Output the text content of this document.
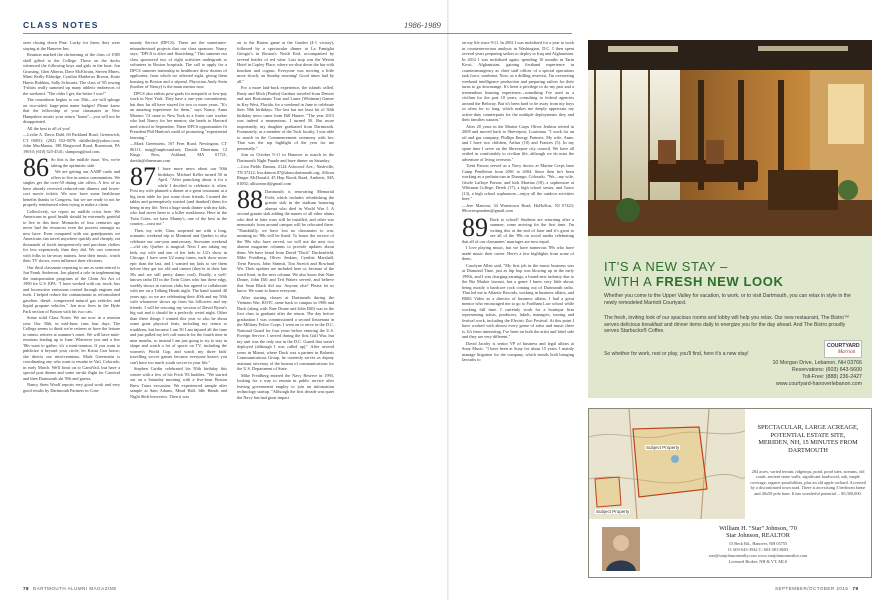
CLASS NOTES	1986-1989

seen closing down Pine. Lucky for them, they were staying at the Hanover Inn.

Reunion marked the christening of the class of 1985 shell gifted to the College. Those on the docks witnessed the following boys and girls in the boat: Jon Grussing, Glen Alberta, Dave McElwain, Steven Mines, Mimi Reilly Eldridge, Cynthia Matthews Brown, Katie Harris Robbins, Sally Schwartz. The class of '85 rowing T-shirts really summed up many athletic endeavors of the weekend: "The older I get, the better I was!"

The countdown begins to our 35th—we will splurge on two-sided, large-print name badges! Please know that the fellowship of your classmates in New Hampshire awaits your return "home"—you will not be disappointed.

All the best to all of you!

—Leslie A. Davis Dahl, 60 Parkland Road, Greenwich, CT 06831; (202) 552-0070; dahlleslie@yahoo.com; John MacManus, 188 Ringwood Road, Rosemont, PA 19010; (610) 525-4541; slampong@aol.com.

86 So this is the midlife issue. Yes, we're taking the optimistic side.

We are getting our AARP cards and offers to live in senior communities. We singles get the over-50 dating site offers. A few of us have already received reduced-rate dinners and lower-cost movie tickets. We now have some healthcare benefits thanks to Congress, but we are ready to not be properly reimbursed when trying to make a claim.

Collectively, we report no midlife crisis here. We Americans in good health should be extremely grateful to live in this time. Monarchs of four centuries ago never had the resources even the poorest amongst us now have. Even compared with our grandparents we Americans can travel anywhere quickly and cheaply, eat thousands of foods inexpensively and purchase clothes for less expensively than they did. We can converse with folks in far-away nations, hear their music, watch their TV shows, even influence their elections.

Our third classmate reporting to me as semi-retired is Jon Frank Anderson. Jon played a role in implementing the transportation programs of the Clean Air Act of 1990 for U.S. EPA. "I have worked with car, truck, bus and locomotive emissions control through engines and fuels. I helped reduce the contaminants in reformulated gasoline, diesel, compressed natural gas vehicles and liquid propane vehicles." Jon now lives in the Hyde Park section of Boston with his two cats.

Some solid Class Notes: We are now in a reunion year. Our 30th, in mid-June, runs four days. The College seems to think we're retirees or have the leisure to mimic retirees at summer's onset. We will have mini-reunions leading up to June. Wherever you and a few '86s want to gather, it's a mini-reunion. If you want to publicize it beyond your circle, let Krista Carr know; she directs our mini-reunions. Mark Greenstein is coordinating any who want to reunite in Vail, Colorado, in early March. We'll limit on to CarniVail, but have a special post dinner and some on-ski flight for Carnival and then Dartmouth ski '88s and guests.

Nancy Stein Woolf reports very good work and very good results by Dartmouth Partners in Com-

munity Service (DPCS). These are the sometimes-misunderstood projects that our class sponsors. Nancy says, "DPCS is alive and flourishing." This summer our class sponsored two of eight activities undergrads to volunteer in Boston hospitals. The call to apply for a DPCS summer internship in healthcare drew dozens of applicants, from which we selected eight, giving them housing in Boston and a stipend. Physician Andy Stein (brother of Nancy) is the main mentor now.

DPCS also enlists post-grads for nonprofit or low-pay work in New York. They have a one-year commitment, but thus far all have stayed for two or more years. "It's an amazing experience for them," says Nancy. Anna Moreno '13 came to New York as a foster care worker who had Nancy for her mentor; she heads to Harvard med school in September. These DPCS opportunities fit President Phil Hanlon's mold of promoting "experiential learning."

—Mark Greenstein, 107 Fern Road, Newington, CT 06111; meg@tmpbound.net; Davida Dinerman, 12 Kings Row, Ashland, MA 01721; davida@dinerman.com

87 I have more news about our 50th birthdays. Michael Keller turned 50 in April. "After panicking about it for a while I decided to celebrate it, often. First my wife planned a dinner at a great restaurant at a big farm table for just some close friends. I turned the tables and preemptively toasted (and thanked) them for being in my life. Next a huge steak dinner with my kids, who had never been to a killer steakhouse. Here in the Twin Cities, we have Manny's, one of the best in the country—trust me."

Then, my wife, Gina, surprised me with a long, romantic weekend trip to Montreal and Quebec to also celebrate our one-year anniversary. Awesome weekend—old city Quebec is magical. Next I am taking my kids, my wife and one of her kids to U2's show in Chicago. I have seen U2 many times, each show more epic than the last, and I wanted my kids to see them before they get too old and cannot (they're in their late 50s and are still pretty damn cool). Finally, a well-known radio DJ in the Twin Cities who has these edgy, weekly shows in various clubs has agreed to collaborate with me on a Talking Heads night. The band started 40 years ago, so we are celebrating their 40th and my 50th with whomever shows up from his followers and my friends. I will be rescuing my version of David Byrne's big suit and it should be a perfectly weird night. Other than these things I wanted this year to also be about some great physical feats, including my return to triathlons, but because I am 50 I am injured all the time and just pulled my left calf muscle for the fourth time in nine months, so instead I am just going to try to stay in shape and watch a lot of sports on TV, including the women's World Cup, and watch my three kids' travelling soccer games because everyone knows you can't have too much youth soccer in your life."

Stephen Cardin celebrated his 50th birthday this winter with a few of his Frick '83 buddies. "We started out on a Saturday morning with a five-hour Boston Brew Tours excursion. We experienced sample after sample at Sam Adams, Mead Hall, Idle Hands and Night Shift breweries. Then it was

on to the Bruins game at the Garden (4-1 victory), followed by a spectacular dinner at La Famiglia Giorgio's in Boston's North End, accompanied by several bottles of red wine. Last stop was the Westin Hotel in Copley Place, where we shut down the bar with bourbon and cognac. Everyone was moving a little more slowly on Sunday morning! Good times had by all."

For a more laid-back experience, the islands called. Rusty and Mich (Poulin) Gardner traveled from Denver and met Bostonians Tom and Laura (Whitman) Gamer in Key West, Florida, for a weekend in June to celebrate their 50th birthdays. The last but not least bit of 50th birthday news came from Bill Hunter. "The year 2015 was indeed a momentous. I turned 50. But more importantly, my daughter graduated from Dartmouth. Fortunately, as a member of the Tuck faculty, I was able to march in the Commencement ceremony with her. That was the top highlight of the year for me personally."

Join us October 9-11 in Hanover to march in the Dartmouth Night Parade and have dinner on Saturday.

—Lisa Fields Damon, 2124 Ashwood Ave., Nashville, TN 37212; lisa.damon.87@alum.dartmouth.org; Allison Ringer McDonald, 45 Hop Brook Road, Amherst, MA 01002; allisonmcd@gmail.com

88 Dartmouth is renovating Memorial Field, which includes refurbishing the granite slab in the stadium honoring alumni who died in World War I. A second granite slab adding the names of all other alums who died in later wars will be installed, and other war memorials from around campus will be relocated there. "Thankfully, we have lost no classmates to war, meaning no '88s will be listed. To honor the service of the '88s who have served, we will use the next two alumni magazine columns to provide updates about them. We have heard from David "Duck" Duckenfield, Mike Freidberg, Oliver Jenkins, Cynthia Marshall, Trent Parson, John Simmit, Tim Stretch and Rowland Wu. Their updates are included here or, because of the word limit, in the next column. We also know that Nate Deane, John Dill and Ted Waters served, and believe that Sean Black did too. Anyone else? Please let us know. We want to honor everyone.

After starting classes at Dartmouth during the Vietnam War, ROTC came back to campus in 1986 and Duck (along with Nate Deane and John Dill) was in the first class to graduate after the return. The day before graduation I was commissioned a second lieutenant in the Military Police Corps. I went on to serve in the D.C. National Guard for four years before entering the U.S. Foreign Service. I served during the first Gulf War, but my unit was the only one in the D.C. Guard that wasn't deployed (although I was called up)." After several years in Miami, where Duck was a partner in Balaeris Communications Group, he currently serves as deputy assistant secretary of the bureau of communications for the U.S. Department of State.

Mike Freidberg entered the Navy Reserve in 1993, looking for a way to remain in public service after leaving government employ to join an information technology startup. "Although the first decade was quiet the Navy has had great impact

on my life since 9/11. In 2002 I was mobilized for a year to work in counterterrorism analysis in Washington, D.C. I then spent several years preparing sailors to deploy to Iraq and Afghanistan. In 2012 I was mobilized again, spending 10 months in Tarin Kowt, Afghanistan, gaining firsthand experience in counterinsurgency as chief staff officer of a special operations task force, southeast. Now, as a drilling reservist, I'm overseeing weekend intelligence production and preparing sailors for their turns to go downrange. It's been a privilege to do my part and a tremendous learning experience—something I've used as a civilian for the past 10 years, consulting to federal agencies around the Beltway. But it's been hard to be away from my boys so often for so long, which makes me deeply appreciate my active-duty counterparts for the multiple deployments they and their families sustain."

After 20 years in the Marine Corps Oliver Jenkins retired in 2008 and moved back to Shreveport, Louisiana. "I work for an oil and gas company, Phillips Energy Partners. My wife, Anne, and I have two children, Arthur (10) and Frances (5). In my spare time I serve on the Shreveport city council. We have all settled in comfortably to civilian life, although we do miss the adventure of living overseas."

Trent Parson served as a Navy doctor at Marine Corps base Camp Pendleton from 2001 to 2004. Since then he's been working as a pediatrician in Durango, Colorado. "We—my wife, Gisele Laffaye Parson, and kids Martina (18), a sophomore at Whitman College, Derek (17), a high school senior, and Grace (13), a high school sophomore—enjoy all the outdoor activities here."

—Jere Mancini, 34 Watertown Road, HoHoKus, NJ 07423; 88correspondent@gmail.com

89 Back to school! Students are returning after a summer, some arriving for the first time. I'm writing this at the end of June and it's great to see all of the '89s on social media celebrating that all of our classmates' marriages are now equal.

I love playing music, but we have numerous '89s who have made music their career. Here's a few highlights from some of them.

Carolyne Allen said, "My first job in the music business was at Diamond Time, just as hip hop was blowing up in the early 1990s, and I was charging earnings, a brand-new industry due to the Biz Markie lawsuit, but a genre I knew very little about, being mostly a hardcore rock coming out of Dartmouth radio. That led me to Atlantic Records, working in business affairs, and BMG Video as a director of business affairs. I had a great mentor who encouraged me to go to Fordham Law school while working full time. I currently work for a boutique firm representing artists, producers, labels, managers, touring and festival work, including the Electric Zoo Festival. At this point I have worked with almost every genre of artist and music there is. It's been interesting. I've been on both the artist and label side and they are very different."

David Jacoby is senior VP of business and legal affairs at Sony Music. "I have been at Sony for about 15 years. I mainly manage litigation for the company, which entails both bringing lawsuits to

78 DARTMOUTH ALUMNI MAGAZINE	SEPTEMBER/OCTOBER 2015 79
IT'S A NEW STAY –
WITH A FRESH NEW LOOK
Whether you come to the Upper Valley for vacation, to work, or to visit Dartmouth, you can relax in style in the newly remodeled Marriott Courtyard.
The fresh, inviting look of our spacious rooms and lobby will help you relax. Our new restaurant, The Bistro™ serves delicious breakfast and dinner items daily to energize you for the day ahead. And The Bistro proudly serves Starbucks® Coffee.
So whether for work, rest or play, you'll find, here it's a new stay!
COURTYARD
Marriott
10 Morgan Drive, Lebanon, NH 03766
Reservations: (603) 643-5600
Toll-Free: (888) 236-2427
www.courtyard-hanoverlebanon.com
Subject Property
Subject Property
SPECTACULAR, LARGE ACREAGE,
POTENTIAL ESTATE SITE,
MERIDEN, NH, 15 MINUTES FROM
DARTMOUTH
284 acres, varied terrain, ridgetops, pond, pond sites, streams, old roads, ancient stone walls, significant hardwood, oak, maple coverage, organic possibilities, plus an old apple orchard. Accessed by a discontinued town road. There is an existing 3 bedroom home and 40x50 pole barn. It has wonderful potential ... $5,300,000.
William H. "Star" Johnson, '70
Star Johnson, REALTOR
15 Beck Rd., Hanover, NH 03755
O: 603-643-3942 C: 603-381-8603
star@starjohnsonrealty.com www.starjohnsonrealtor.com
Licensed Broker, NH & VT, MLS
